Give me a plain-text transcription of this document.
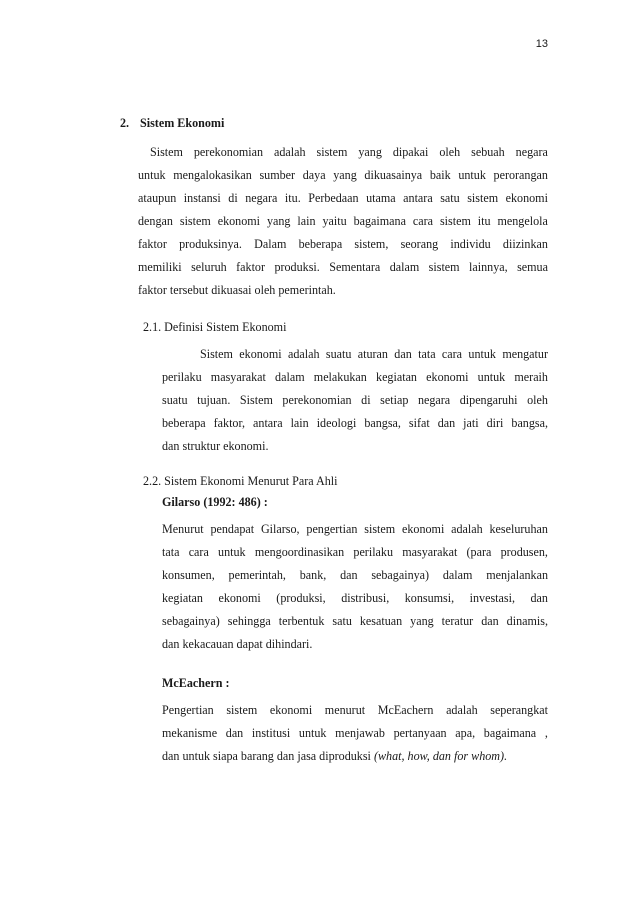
13
2. Sistem Ekonomi
Sistem perekonomian adalah sistem yang dipakai oleh sebuah negara
untuk mengalokasikan sumber daya yang dikuasainya baik untuk perorangan
ataupun instansi di negara itu. Perbedaan utama antara satu sistem ekonomi
dengan sistem ekonomi yang lain yaitu bagaimana cara sistem itu mengelola
faktor produksinya. Dalam beberapa sistem, seorang individu diizinkan
memiliki seluruh faktor produksi. Sementara dalam sistem lainnya, semua
faktor tersebut dikuasai oleh pemerintah.
2.1. Definisi Sistem Ekonomi
Sistem ekonomi adalah suatu aturan dan tata cara untuk mengatur
perilaku masyarakat dalam melakukan kegiatan ekonomi untuk meraih
suatu tujuan. Sistem perekonomian di setiap negara dipengaruhi oleh
beberapa faktor, antara lain ideologi bangsa, sifat dan jati diri bangsa,
dan struktur ekonomi.
2.2. Sistem Ekonomi Menurut Para Ahli
Gilarso (1992: 486) :
Menurut pendapat Gilarso, pengertian sistem ekonomi adalah keseluruhan
tata cara untuk mengoordinasikan perilaku masyarakat (para produsen,
konsumen, pemerintah, bank, dan sebagainya) dalam menjalankan
kegiatan ekonomi (produksi, distribusi, konsumsi, investasi, dan
sebagainya) sehingga terbentuk satu kesatuan yang teratur dan dinamis,
dan kekacauan dapat dihindari.
McEachern :
Pengertian sistem ekonomi menurut McEachern adalah seperangkat
mekanisme dan institusi untuk menjawab pertanyaan apa, bagaimana ,
dan untuk siapa barang dan jasa diproduksi (what, how, dan for whom).
